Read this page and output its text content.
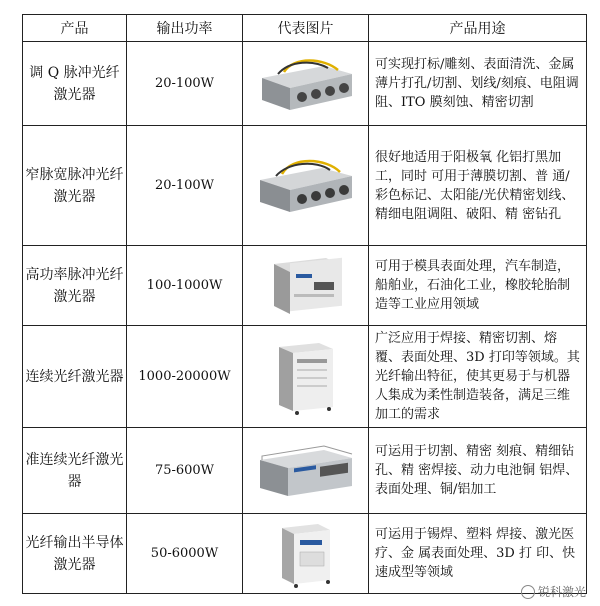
产品	输出功率	代表图片	产品用途
调 Q 脉冲光纤激光器	20-100W		可实现打标/雕刻、表面清洗、金属薄片打孔/切割、划线/刻痕、电阻调阻、ITO 膜刻蚀、精密切割
窄脉宽脉冲光纤激光器	20-100W		很好地适用于阳极氧 化铝打黑加工，同时 可用于薄膜切割、普 通/彩色标记、太阳能/光伏精密划线、精细电阻调阻、破阳、精 密钻孔
高功率脉冲光纤激光器	100-1000W		可用于模具表面处理，汽车制造，船舶业，石油化工业，橡胶轮胎制造等工业应用领域
连续光纤激光器	1000-20000W		广泛应用于焊接、精密切割、熔覆、表面处理、3D 打印等领域。其光纤输出特征，使其更易于与机器人集成为柔性制造装备，满足三维加工的需求
准连续光纤激光器	75-600W		可运用于切割、精密 刻痕、精细钻孔、精 密焊接、动力电池铜 铝焊、表面处理、铜/铝加工
光纤输出半导体激光器	50-6000W		可运用于锡焊、塑料 焊接、激光医疗、金 属表面处理、3D 打 印、快速成型等领域
锐科激光
